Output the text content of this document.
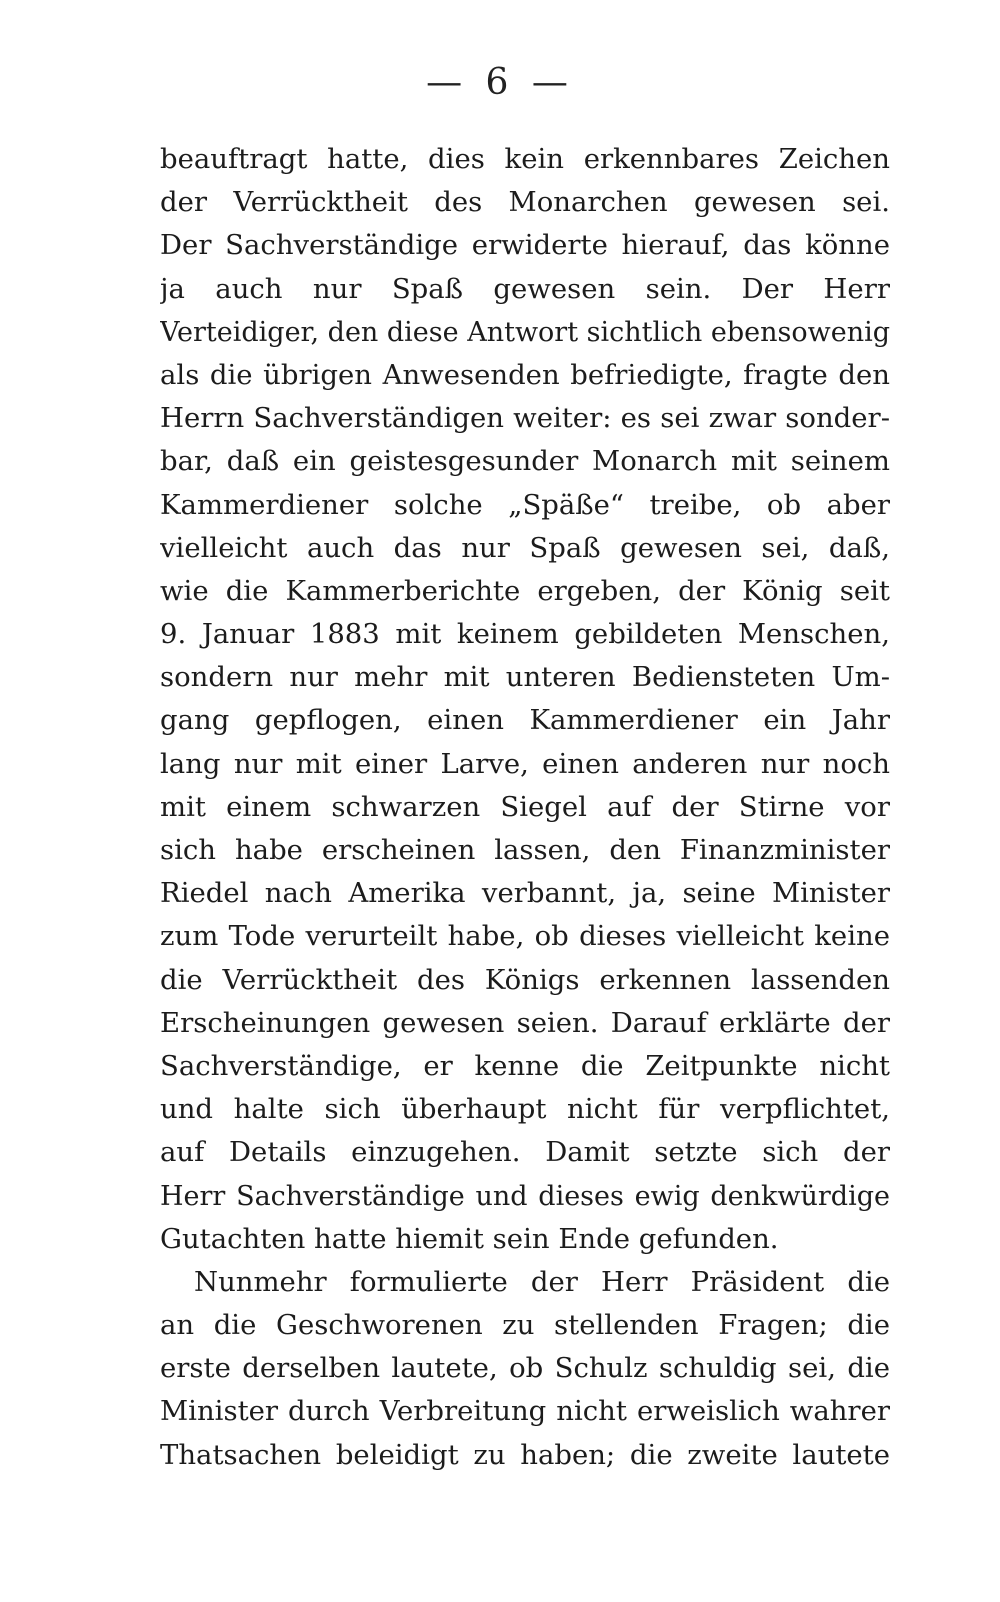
— 6 —
beauftragt hatte, dies kein erkennbares Zeichen
der Verrücktheit des Monarchen gewesen sei.
Der Sachverständige erwiderte hierauf, das könne
ja auch nur Spaß gewesen sein. Der Herr
Verteidiger, den diese Antwort sichtlich ebensowenig
als die übrigen Anwesenden befriedigte, fragte den
Herrn Sachverständigen weiter: es sei zwar sonder-
bar, daß ein geistesgesunder Monarch mit seinem
Kammerdiener solche „Späße“ treibe, ob aber
vielleicht auch das nur Spaß gewesen sei, daß,
wie die Kammerberichte ergeben, der König seit
9. Januar 1883 mit keinem gebildeten Menschen,
sondern nur mehr mit unteren Bediensteten Um-
gang gepflogen, einen Kammerdiener ein Jahr
lang nur mit einer Larve, einen anderen nur noch
mit einem schwarzen Siegel auf der Stirne vor
sich habe erscheinen lassen, den Finanzminister
Riedel nach Amerika verbannt, ja, seine Minister
zum Tode verurteilt habe, ob dieses vielleicht keine
die Verrücktheit des Königs erkennen lassenden
Erscheinungen gewesen seien. Darauf erklärte der
Sachverständige, er kenne die Zeitpunkte nicht
und halte sich überhaupt nicht für verpflichtet,
auf Details einzugehen. Damit setzte sich der
Herr Sachverständige und dieses ewig denkwürdige
Gutachten hatte hiemit sein Ende gefunden.
Nunmehr formulierte der Herr Präsident die
an die Geschworenen zu stellenden Fragen; die
erste derselben lautete, ob Schulz schuldig sei, die
Minister durch Verbreitung nicht erweislich wahrer
Thatsachen beleidigt zu haben; die zweite lautete
